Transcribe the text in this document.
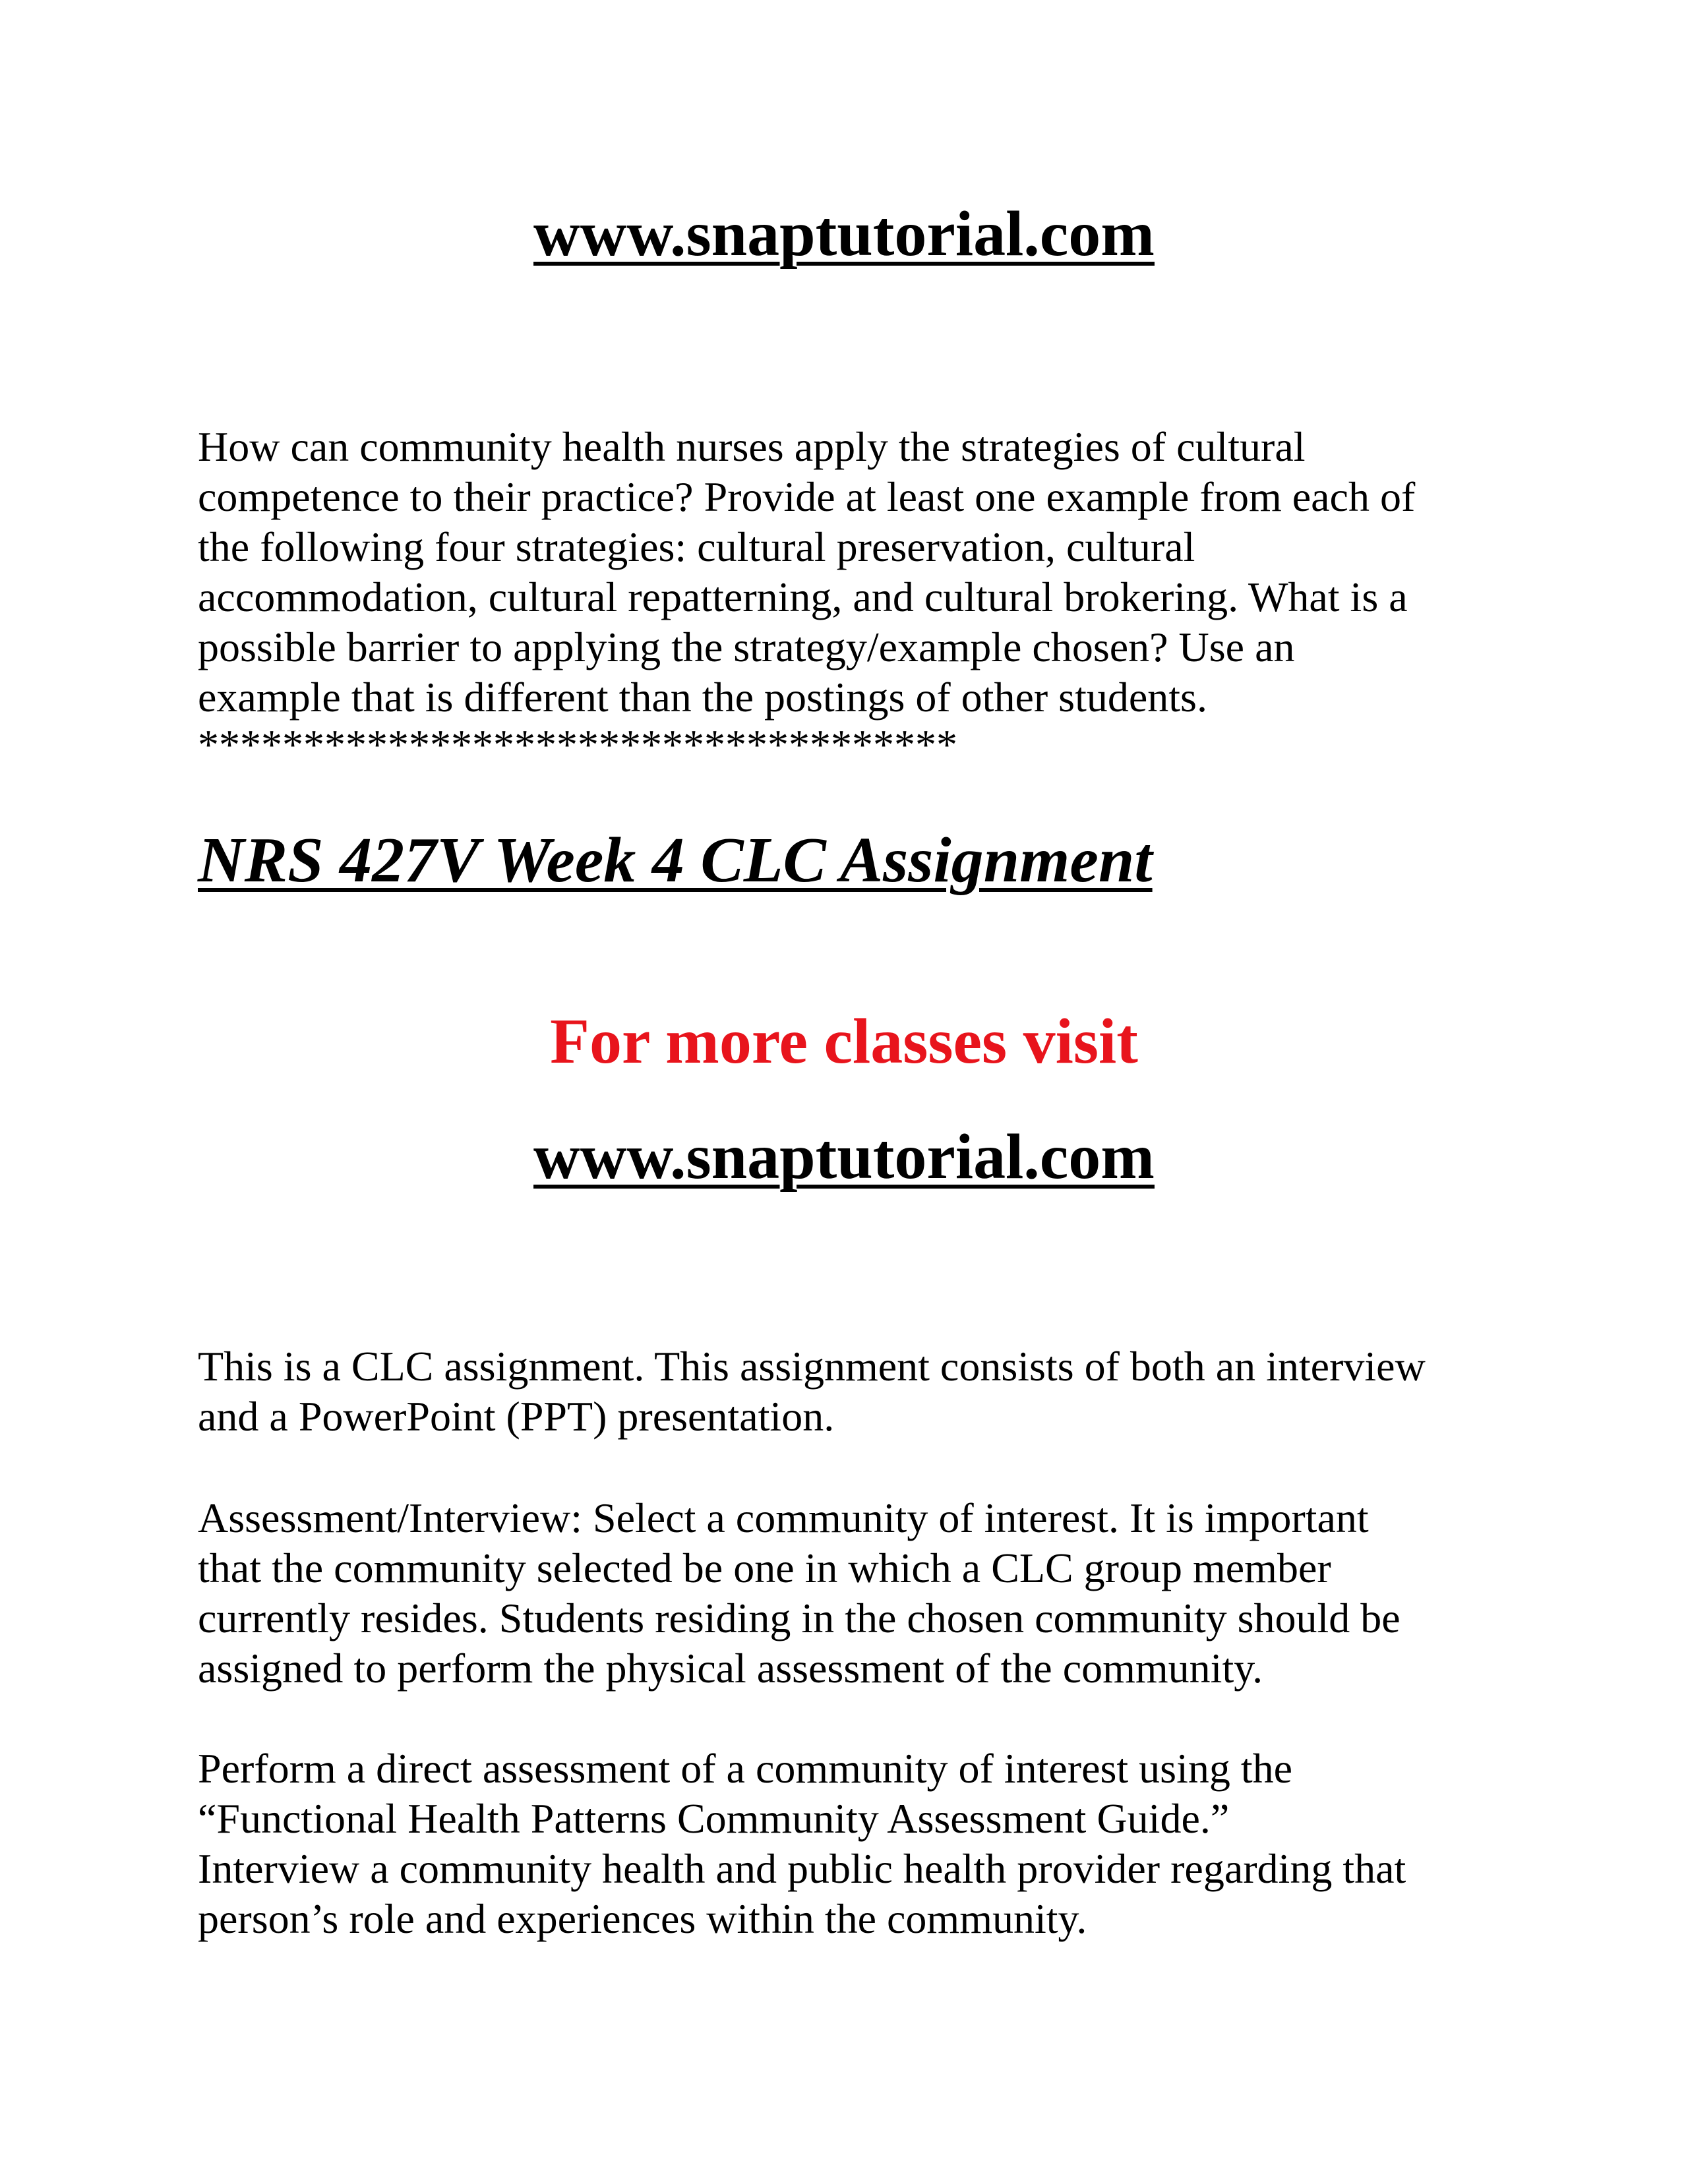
www.snaptutorial.com

How can community health nurses apply the strategies of cultural
competence to their practice? Provide at least one example from each of
the following four strategies: cultural preservation, cultural
accommodation, cultural repatterning, and cultural brokering. What is a
possible barrier to applying the strategy/example chosen? Use an
example that is different than the postings of other students.

************************************

NRS 427V Week 4 CLC Assignment

For more classes visit

www.snaptutorial.com

This is a CLC assignment. This assignment consists of both an interview
and a PowerPoint (PPT) presentation.

Assessment/Interview: Select a community of interest. It is important
that the community selected be one in which a CLC group member
currently resides. Students residing in the chosen community should be
assigned to perform the physical assessment of the community.

Perform a direct assessment of a community of interest using the
“Functional Health Patterns Community Assessment Guide.”
Interview a community health and public health provider regarding that
person’s role and experiences within the community.
